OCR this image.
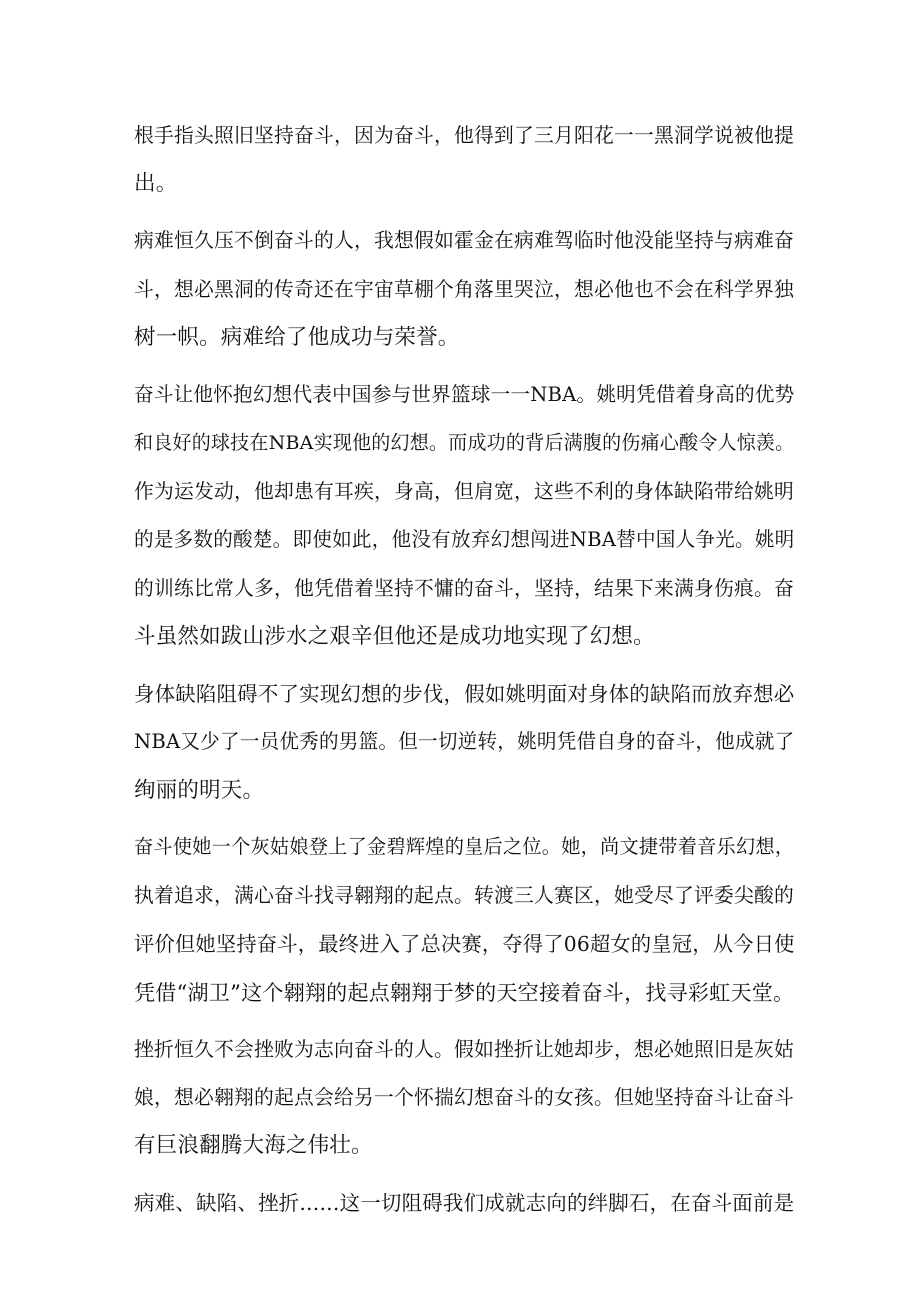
根手指头照旧坚持奋斗，因为奋斗，他得到了三月阳花一一黑洞学说被他提
出。
病难恒久压不倒奋斗的人，我想假如霍金在病难驾临时他没能坚持与病难奋
斗，想必黑洞的传奇还在宇宙草棚个角落里哭泣，想必他也不会在科学界独
树一帜。病难给了他成功与荣誉。
奋斗让他怀抱幻想代表中国参与世界篮球一一NBA。姚明凭借着身高的优势
和良好的球技在NBA实现他的幻想。而成功的背后满腹的伤痛心酸令人惊羡。
作为运发动，他却患有耳疾，身高，但肩宽，这些不利的身体缺陷带给姚明
的是多数的酸楚。即使如此，他没有放弃幻想闯进NBA替中国人争光。姚明
的训练比常人多，他凭借着坚持不慵的奋斗，坚持，结果下来满身伤痕。奋
斗虽然如跋山涉水之艰辛但他还是成功地实现了幻想。
身体缺陷阻碍不了实现幻想的步伐，假如姚明面对身体的缺陷而放弃想必
NBA又少了一员优秀的男篮。但一切逆转，姚明凭借自身的奋斗，他成就了
绚丽的明天。
奋斗使她一个灰姑娘登上了金碧辉煌的皇后之位。她，尚文捷带着音乐幻想，
执着追求，满心奋斗找寻翱翔的起点。转渡三人赛区，她受尽了评委尖酸的
评价但她坚持奋斗，最终进入了总决赛，夺得了06超女的皇冠，从今日使
凭借“湖卫”这个翱翔的起点翱翔于梦的天空接着奋斗，找寻彩虹天堂。
挫折恒久不会挫败为志向奋斗的人。假如挫折让她却步，想必她照旧是灰姑
娘，想必翱翔的起点会给另一个怀揣幻想奋斗的女孩。但她坚持奋斗让奋斗
有巨浪翻腾大海之伟壮。
病难、缺陷、挫折......这一切阻碍我们成就志向的绊脚石，在奋斗面前是
